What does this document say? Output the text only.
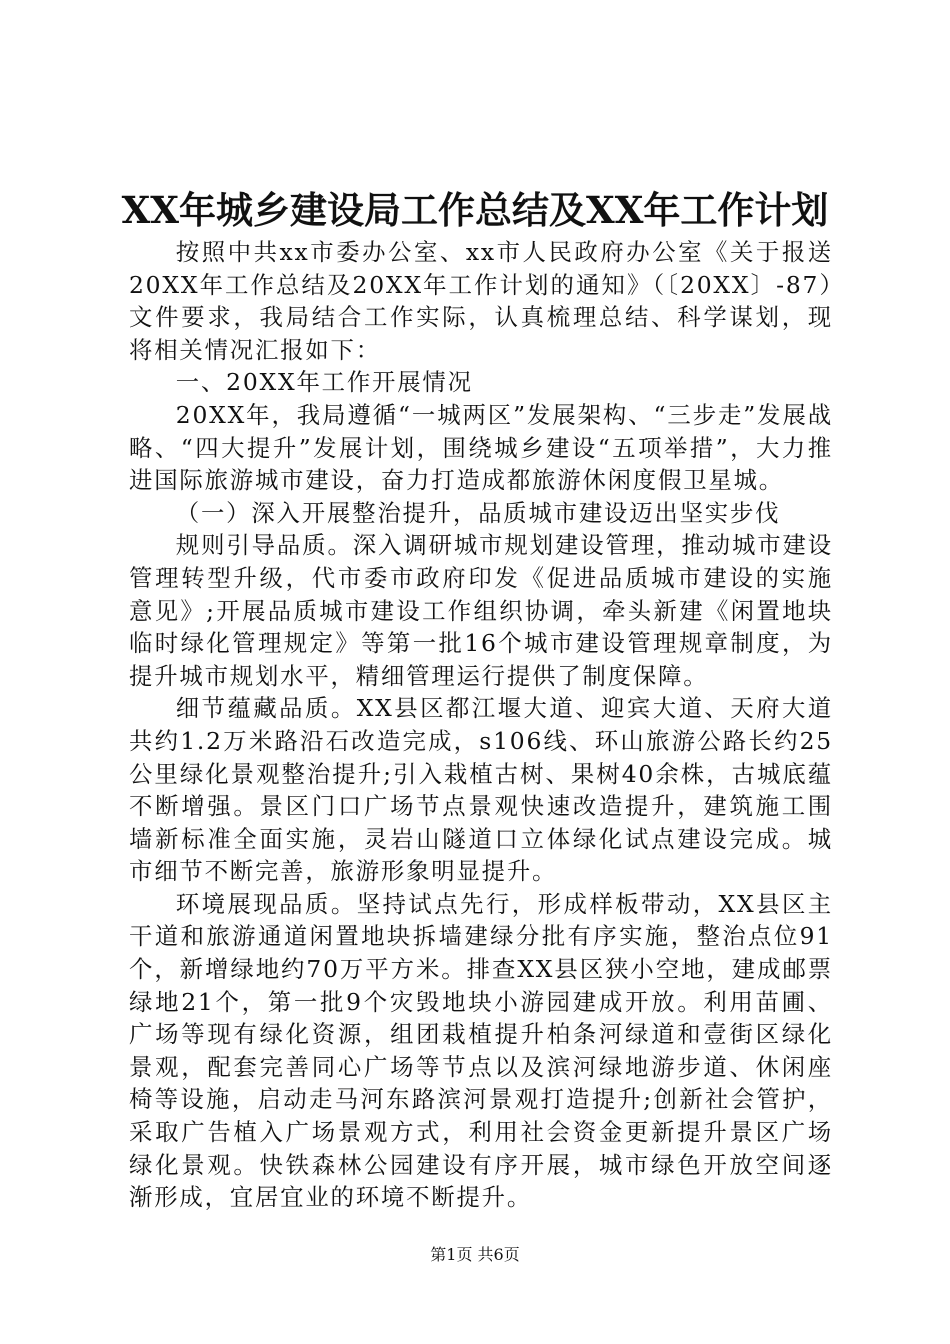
XX年城乡建设局工作总结及XX年工作计划

按照中共xx市委办公室、xx市人民政府办公室《关于报送20XX年工作总结及20XX年工作计划的通知》（〔20XX〕-87）文件要求，我局结合工作实际，认真梳理总结、科学谋划，现将相关情况汇报如下：

一、20XX年工作开展情况

20XX年，我局遵循“一城两区”发展架构、“三步走”发展战略、“四大提升”发展计划，围绕城乡建设“五项举措”，大力推进国际旅游城市建设，奋力打造成都旅游休闲度假卫星城。

（一）深入开展整治提升，品质城市建设迈出坚实步伐

规则引导品质。深入调研城市规划建设管理，推动城市建设管理转型升级，代市委市政府印发《促进品质城市建设的实施意见》;开展品质城市建设工作组织协调，牵头新建《闲置地块临时绿化管理规定》等第一批16个城市建设管理规章制度，为提升城市规划水平，精细管理运行提供了制度保障。

细节蕴藏品质。XX县区都江堰大道、迎宾大道、天府大道共约1.2万米路沿石改造完成，s106线、环山旅游公路长约25公里绿化景观整治提升;引入栽植古树、果树40余株，古城底蕴不断增强。景区门口广场节点景观快速改造提升，建筑施工围墙新标准全面实施，灵岩山隧道口立体绿化试点建设完成。城市细节不断完善，旅游形象明显提升。

环境展现品质。坚持试点先行，形成样板带动，XX县区主干道和旅游通道闲置地块拆墙建绿分批有序实施，整治点位91个，新增绿地约70万平方米。排查XX县区狭小空地，建成邮票绿地21个，第一批9个灾毁地块小游园建成开放。利用苗圃、广场等现有绿化资源，组团栽植提升柏条河绿道和壹街区绿化景观，配套完善同心广场等节点以及滨河绿地游步道、休闲座椅等设施，启动走马河东路滨河景观打造提升;创新社会管护，采取广告植入广场景观方式，利用社会资金更新提升景区广场绿化景观。快铁森林公园建设有序开展，城市绿色开放空间逐渐形成，宜居宜业的环境不断提升。

第1页 共6页
